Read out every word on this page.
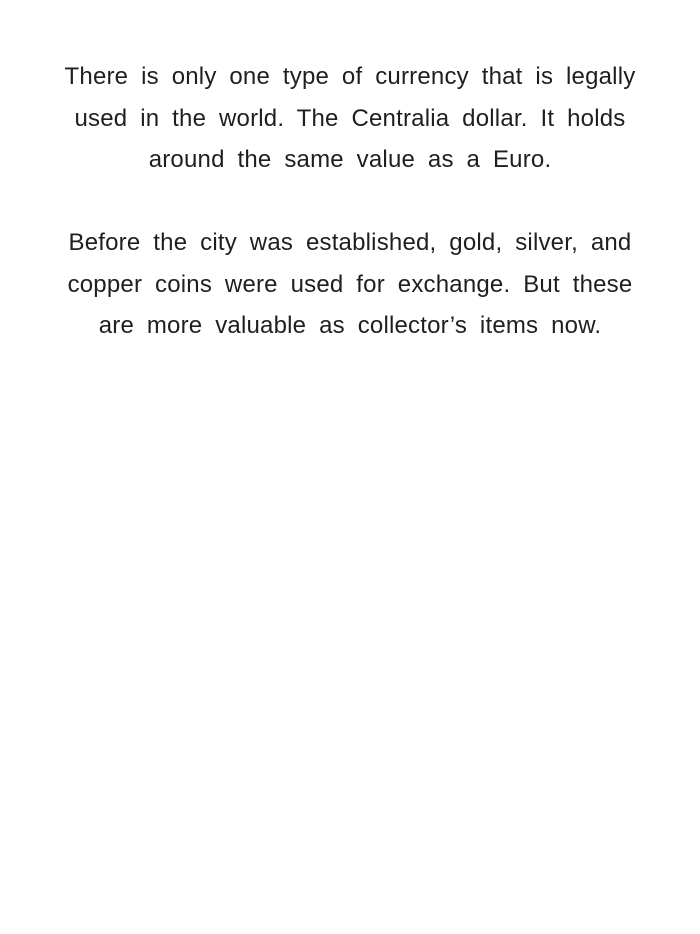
There is only one type of currency that is legally
used in the world. The Centralia dollar. It holds
around the same value as a Euro.

Before the city was established, gold, silver, and
copper coins were used for exchange. But these
are more valuable as collector’s items now.
